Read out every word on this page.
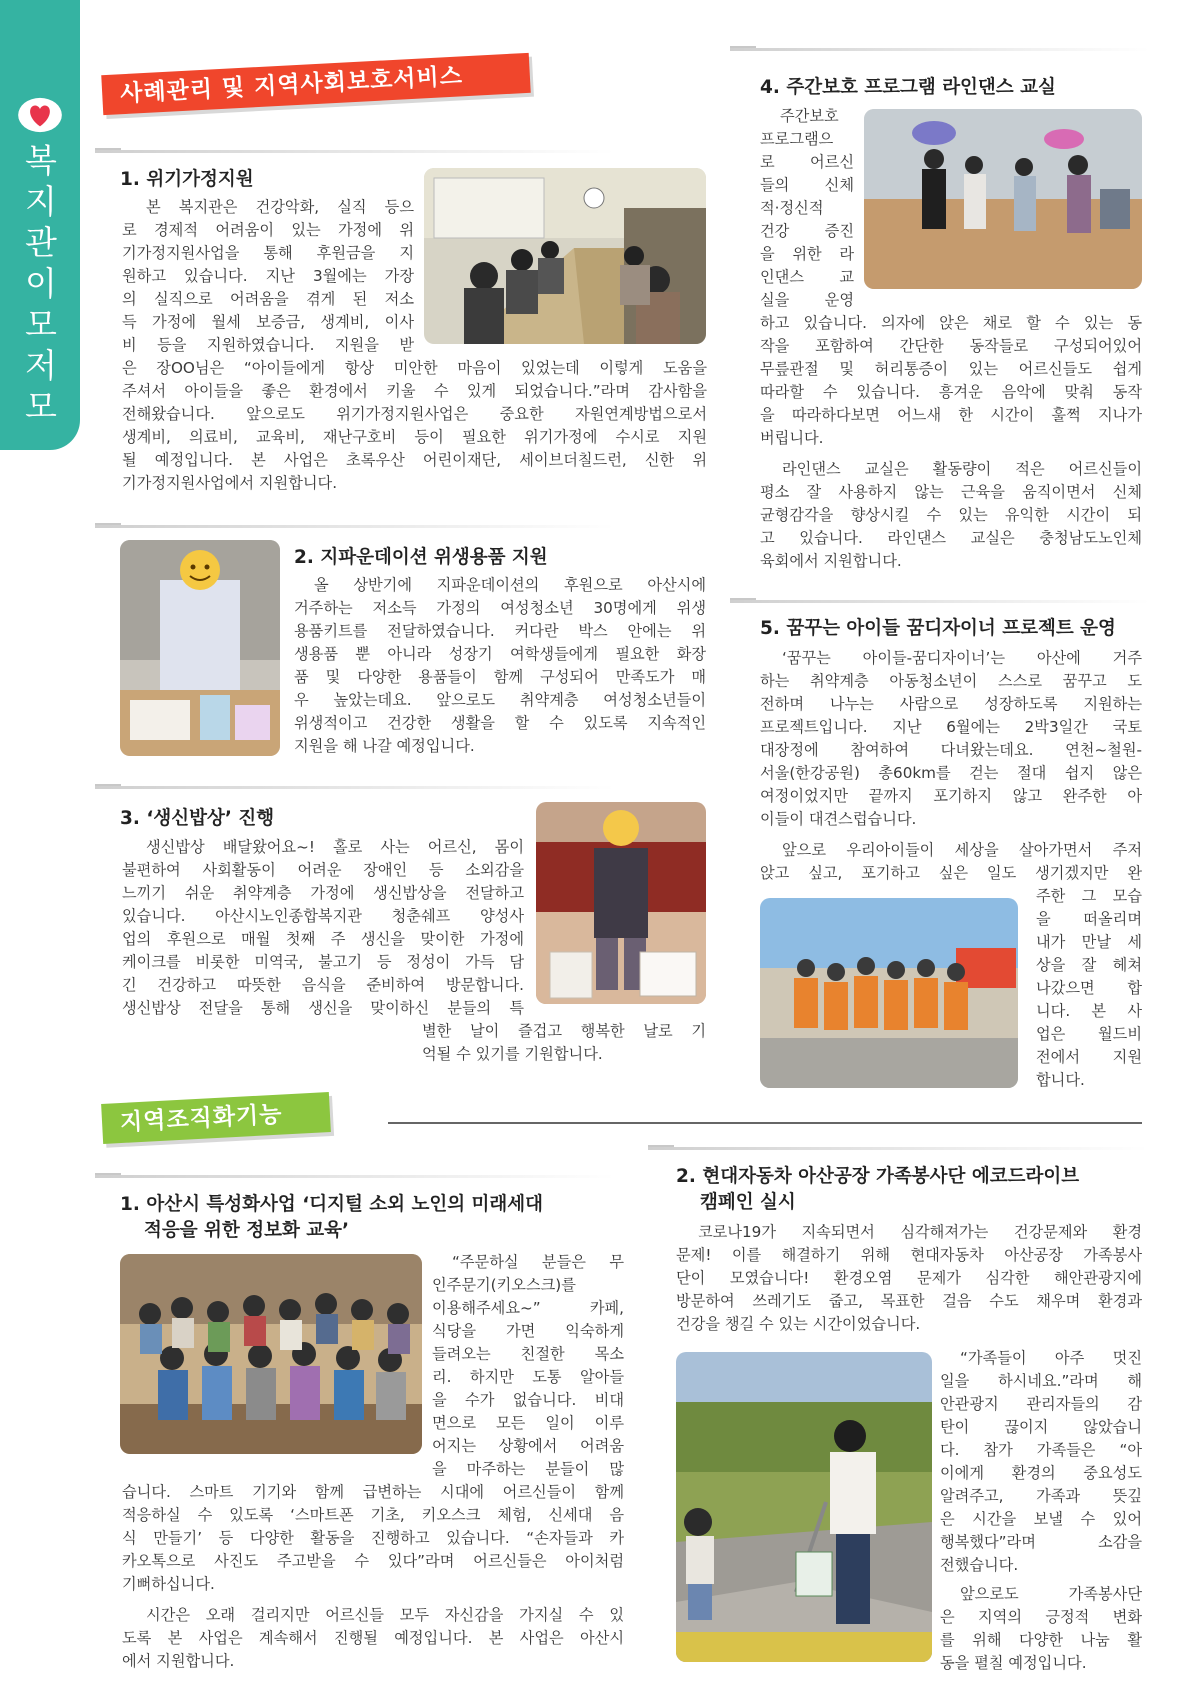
복지관 이모저모
사례관리 및 지역사회보호서비스
1. 위기가정지원
본 복지관은 건강악화, 실직 등으
로 경제적 어려움이 있는 가정에 위
기가정지원사업을 통해 후원금을 지
원하고 있습니다. 지난 3월에는 가장
의 실직으로 어려움을 겪게 된 저소
득 가정에 월세 보증금, 생계비, 이사
비 등을 지원하였습니다. 지원을 받
은 장OO님은 “아이들에게 항상 미안한 마음이 있었는데 이렇게 도움을
주셔서 아이들을 좋은 환경에서 키울 수 있게 되었습니다.”라며 감사함을
전해왔습니다. 앞으로도 위기가정지원사업은 중요한 자원연계방법으로서
생계비, 의료비, 교육비, 재난구호비 등이 필요한 위기가정에 수시로 지원
될 예정입니다. 본 사업은 초록우산 어린이재단, 세이브더칠드런, 신한 위
기가정지원사업에서 지원합니다.
2. 지파운데이션 위생용품 지원
올 상반기에 지파운데이션의 후원으로 아산시에
거주하는 저소득 가정의 여성청소년 30명에게 위생
용품키트를 전달하였습니다. 커다란 박스 안에는 위
생용품 뿐 아니라 성장기 여학생들에게 필요한 화장
품 및 다양한 용품들이 함께 구성되어 만족도가 매
우 높았는데요. 앞으로도 취약계층 여성청소년들이
위생적이고 건강한 생활을 할 수 있도록 지속적인
지원을 해 나갈 예정입니다.
3. ‘생신밥상’ 진행
생신밥상 배달왔어요~! 홀로 사는 어르신, 몸이
불편하여 사회활동이 어려운 장애인 등 소외감을
느끼기 쉬운 취약계층 가정에 생신밥상을 전달하고
있습니다. 아산시노인종합복지관 청춘쉐프 양성사
업의 후원으로 매월 첫째 주 생신을 맞이한 가정에
케이크를 비롯한 미역국, 불고기 등 정성이 가득 담
긴 건강하고 따뜻한 음식을 준비하여 방문합니다.
생신밥상 전달을 통해 생신을 맞이하신 분들의 특
별한 날이 즐겁고 행복한 날로 기
억될 수 있기를 기원합니다.
4. 주간보호 프로그램 라인댄스 교실
주간보호
프로그램으
로 어르신
들의 신체
적·정신적
건강 증진
을 위한 라
인댄스 교
실을 운영
하고 있습니다. 의자에 앉은 채로 할 수 있는 동
작을 포함하여 간단한 동작들로 구성되어있어
무릎관절 및 허리통증이 있는 어르신들도 쉽게
따라할 수 있습니다. 흥겨운 음악에 맞춰 동작
을 따라하다보면 어느새 한 시간이 훌쩍 지나가
버립니다.
라인댄스 교실은 활동량이 적은 어르신들이
평소 잘 사용하지 않는 근육을 움직이면서 신체
균형감각을 향상시킬 수 있는 유익한 시간이 되
고 있습니다. 라인댄스 교실은 충청남도노인체
육회에서 지원합니다.
5. 꿈꾸는 아이들 꿈디자이너 프로젝트 운영
‘꿈꾸는 아이들-꿈디자이너’는 아산에 거주
하는 취약계층 아동청소년이 스스로 꿈꾸고 도
전하며 나누는 사람으로 성장하도록 지원하는
프로젝트입니다. 지난 6월에는 2박3일간 국토
대장정에 참여하여 다녀왔는데요. 연천~철원-
서울(한강공원) 총60km를 걷는 절대 쉽지 않은
여정이었지만 끝까지 포기하지 않고 완주한 아
이들이 대견스럽습니다.
앞으로 우리아이들이 세상을 살아가면서 주저
앉고 싶고, 포기하고 싶은 일도 생기겠지만 완
주한 그 모습
을 떠올리며
내가 만날 세
상을 잘 헤쳐
나갔으면 합
니다. 본 사
업은 월드비
전에서 지원
합니다.
지역조직화기능
1. 아산시 특성화사업 ‘디지털 소외 노인의 미래세대
적응을 위한 정보화 교육’
“주문하실 분들은 무
인주문기(키오스크)를
이용해주세요~” 카페,
식당을 가면 익숙하게
들려오는 친절한 목소
리. 하지만 도통 알아들
을 수가 없습니다. 비대
면으로 모든 일이 이루
어지는 상황에서 어려움
을 마주하는 분들이 많
습니다. 스마트 기기와 함께 급변하는 시대에 어르신들이 함께
적응하실 수 있도록 ‘스마트폰 기초, 키오스크 체험, 신세대 음
식 만들기’ 등 다양한 활동을 진행하고 있습니다. “손자들과 카
카오톡으로 사진도 주고받을 수 있다”라며 어르신들은 아이처럼
기뻐하십니다.
시간은 오래 걸리지만 어르신들 모두 자신감을 가지실 수 있
도록 본 사업은 계속해서 진행될 예정입니다. 본 사업은 아산시
에서 지원합니다.
2. 현대자동차 아산공장 가족봉사단 에코드라이브
캠페인 실시
코로나19가 지속되면서 심각해져가는 건강문제와 환경
문제! 이를 해결하기 위해 현대자동차 아산공장 가족봉사
단이 모였습니다! 환경오염 문제가 심각한 해안관광지에
방문하여 쓰레기도 줍고, 목표한 걸음 수도 채우며 환경과
건강을 챙길 수 있는 시간이었습니다.
“가족들이 아주 멋진
일을 하시네요.”라며 해
안관광지 관리자들의 감
탄이 끊이지 않았습니
다. 참가 가족들은 “아
이에게 환경의 중요성도
알려주고, 가족과 뜻깊
은 시간을 보낼 수 있어
행복했다”라며 소감을
전했습니다.
앞으로도 가족봉사단
은 지역의 긍정적 변화
를 위해 다양한 나눔 활
동을 펼칠 예정입니다.
